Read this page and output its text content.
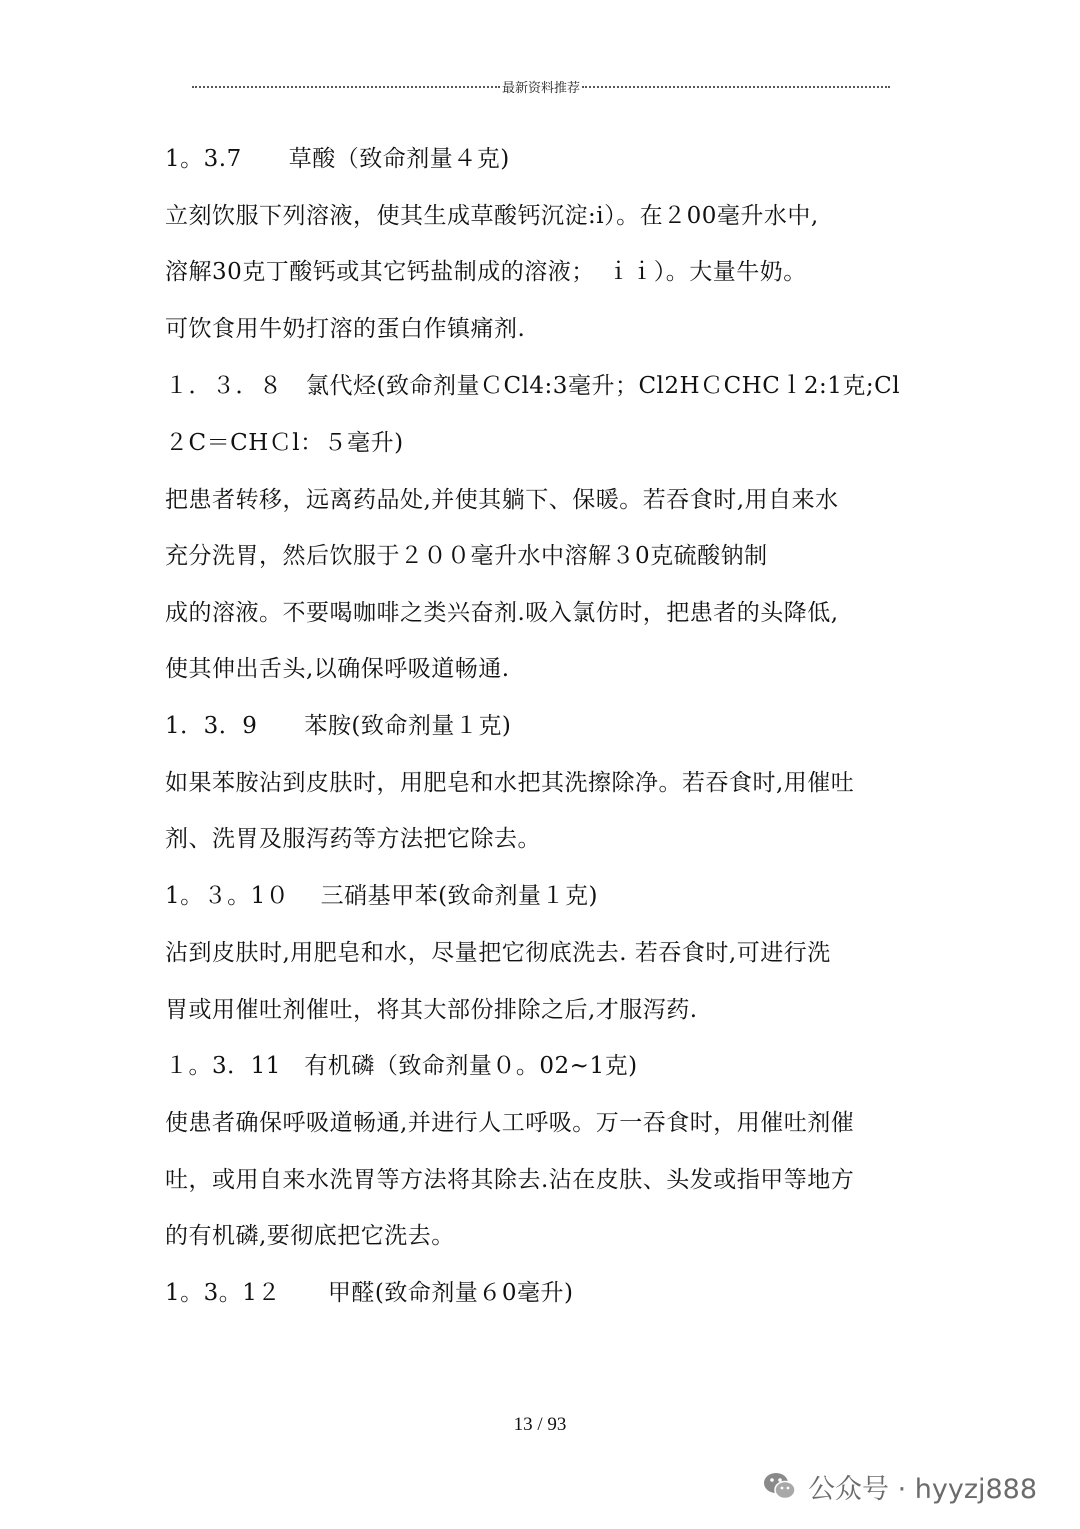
最新资料推荐
1。3.7　　草酸（致命剂量４克)
立刻饮服下列溶液，使其生成草酸钙沉淀:i）。在２00毫升水中,
溶解30克丁酸钙或其它钙盐制成的溶液；　ｉｉ）。大量牛奶。
可饮食用牛奶打溶的蛋白作镇痛剂.
１．３．８　氯代烃(致命剂量ＣCl4:3毫升；Cl2HＣCHCｌ2:1克;Cl
２C＝CHＣl：５毫升)
把患者转移，远离药品处,并使其躺下、保暖。若吞食时,用自来水
充分洗胃，然后饮服于２００毫升水中溶解３0克硫酸钠制
成的溶液。不要喝咖啡之类兴奋剂.吸入氯仿时，把患者的头降低,
使其伸出舌头,以确保呼吸道畅通.
1．3．9　　苯胺(致命剂量１克)
如果苯胺沾到皮肤时，用肥皂和水把其洗擦除净。若吞食时,用催吐
剂、洗胃及服泻药等方法把它除去。
1。３。1０　 三硝基甲苯(致命剂量１克)
沾到皮肤时,用肥皂和水，尽量把它彻底洗去. 若吞食时,可进行洗
胃或用催吐剂催吐，将其大部份排除之后,才服泻药.
１。3．11　有机磷（致命剂量０。02~1克)
使患者确保呼吸道畅通,并进行人工呼吸。万一吞食时，用催吐剂催
吐，或用自来水洗胃等方法将其除去.沾在皮肤、头发或指甲等地方
的有机磷,要彻底把它洗去。
1。3。1２　　甲醛(致命剂量６0毫升)
13 / 93
公众号 · hyyzj888
